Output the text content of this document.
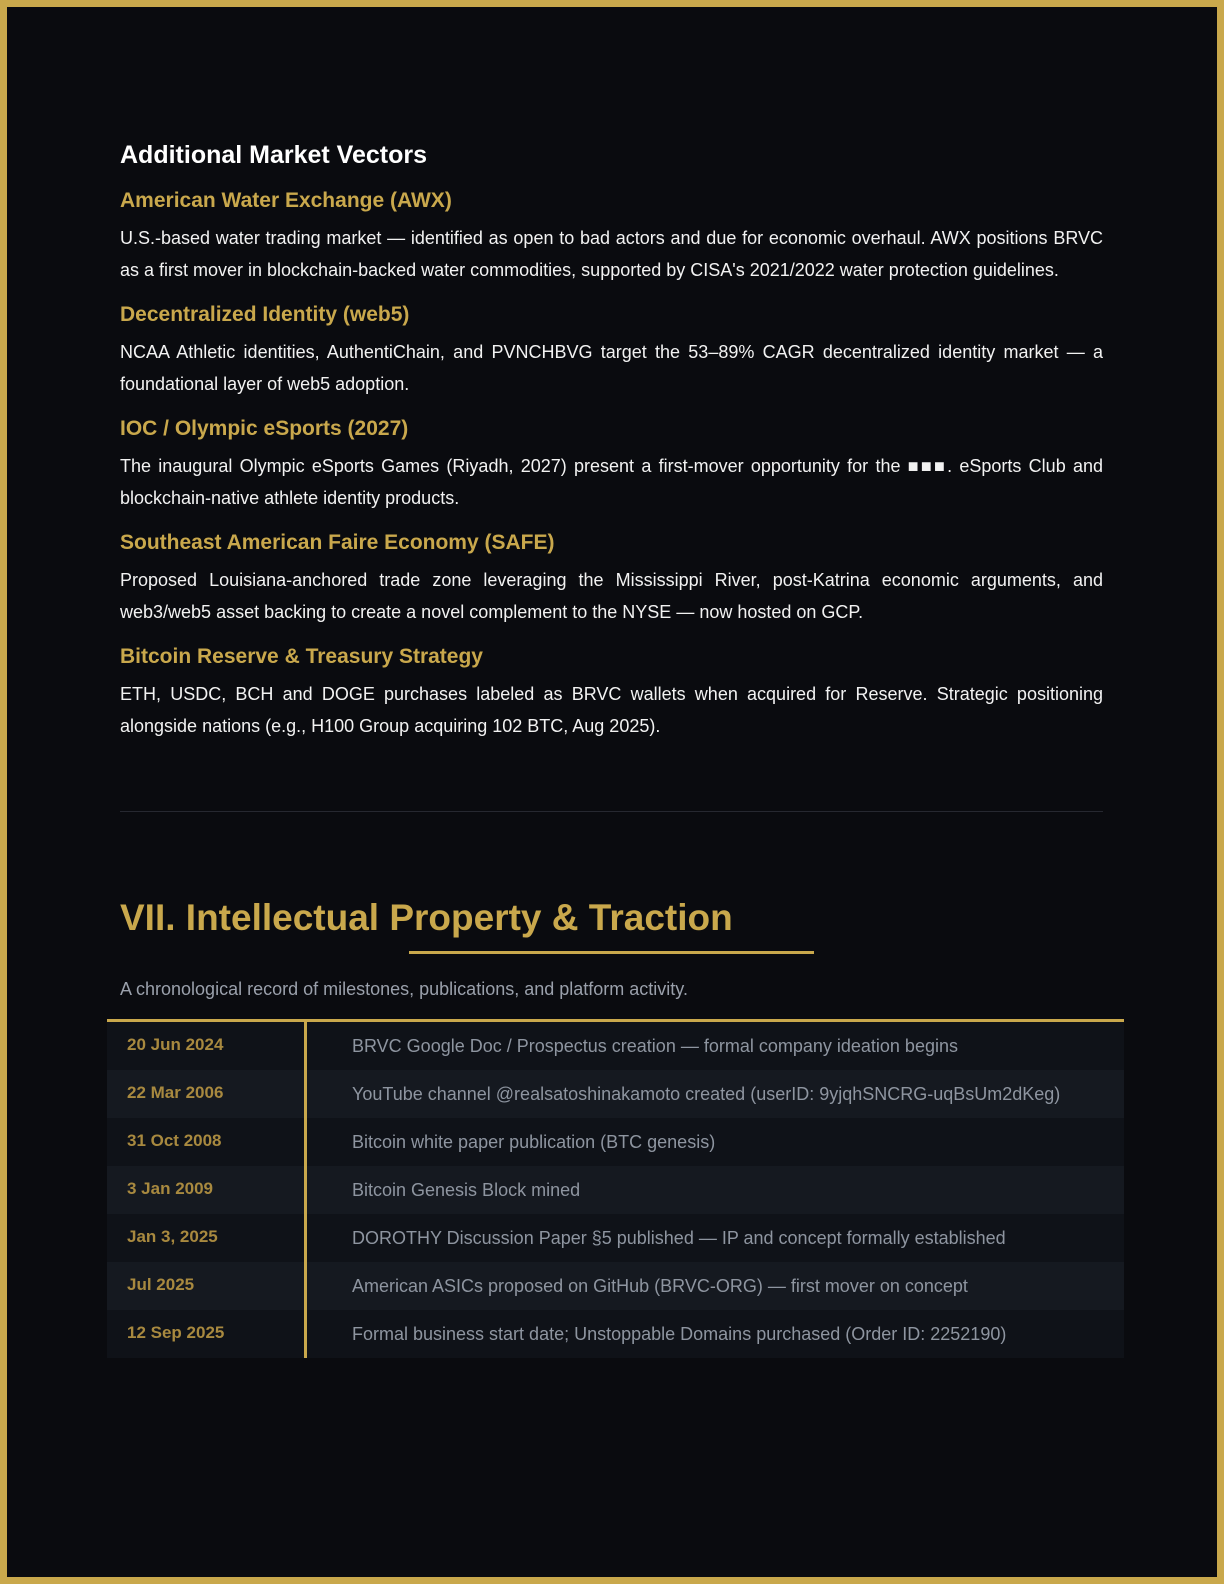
Additional Market Vectors
American Water Exchange (AWX)

U.S.-based water trading market — identified as open to bad actors and due for economic overhaul. AWX positions BRVC as a first mover in blockchain-backed water commodities, supported by CISA's 2021/2022 water protection guidelines.

Decentralized Identity (web5)

NCAA Athletic identities, AuthentiChain, and PVNCHBVG target the 53–89% CAGR decentralized identity market — a foundational layer of web5 adoption.

IOC / Olympic eSports (2027)

The inaugural Olympic eSports Games (Riyadh, 2027) present a first-mover opportunity for the ■■■. eSports Club and blockchain-native athlete identity products.

Southeast American Faire Economy (SAFE)

Proposed Louisiana-anchored trade zone leveraging the Mississippi River, post-Katrina economic arguments, and web3/web5 asset backing to create a novel complement to the NYSE — now hosted on GCP.

Bitcoin Reserve & Treasury Strategy

ETH, USDC, BCH and DOGE purchases labeled as BRVC wallets when acquired for Reserve. Strategic positioning alongside nations (e.g., H100 Group acquiring 102 BTC, Aug 2025).

VII. Intellectual Property & Traction

A chronological record of milestones, publications, and platform activity.

20 Jun 2024	BRVC Google Doc / Prospectus creation — formal company ideation begins
22 Mar 2006	YouTube channel @realsatoshinakamoto created (userID: 9yjqhSNCRG-uqBsUm2dKeg)
31 Oct 2008	Bitcoin white paper publication (BTC genesis)
3 Jan 2009	Bitcoin Genesis Block mined
Jan 3, 2025	DOROTHY Discussion Paper §5 published — IP and concept formally established
Jul 2025	American ASICs proposed on GitHub (BRVC-ORG) — first mover on concept
12 Sep 2025	Formal business start date; Unstoppable Domains purchased (Order ID: 2252190)
